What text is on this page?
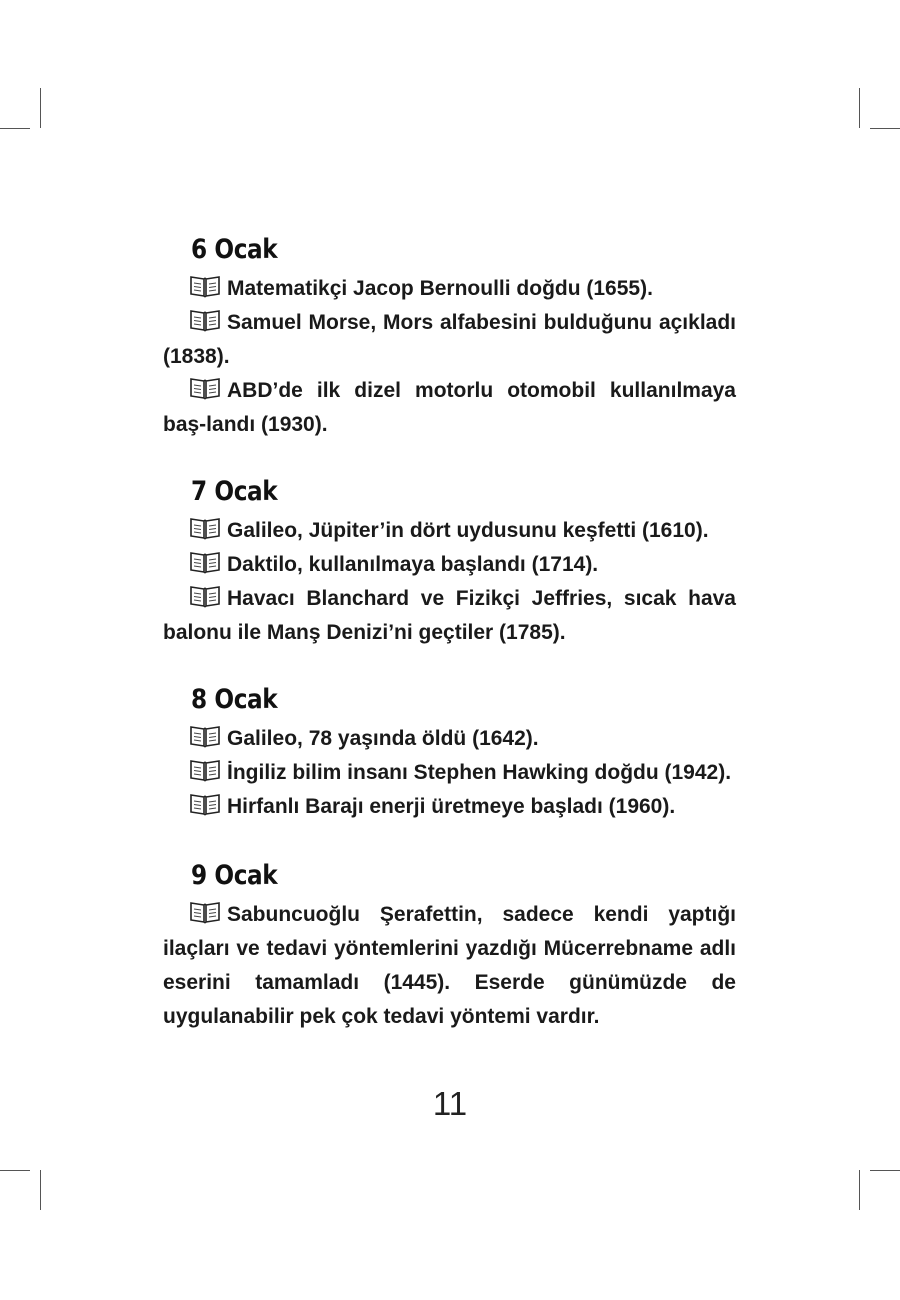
6 Ocak

Matematikçi Jacop Bernoulli doğdu (1655).

Samuel Morse, Mors alfabesini bulduğunu açıkladı (1838).

ABD’de ilk dizel motorlu otomobil kullanılmaya baş-landı (1930).

7 Ocak

Galileo, Jüpiter’in dört uydusunu keşfetti (1610).

Daktilo, kullanılmaya başlandı (1714).

Havacı Blanchard ve Fizikçi Jeffries, sıcak hava balonu ile Manş Denizi’ni geçtiler (1785).

8 Ocak

Galileo, 78 yaşında öldü (1642).

İngiliz bilim insanı Stephen Hawking doğdu (1942).

Hirfanlı Barajı enerji üretmeye başladı (1960).

9 Ocak

Sabuncuoğlu Şerafettin, sadece kendi yaptığı ilaçları ve tedavi yöntemlerini yazdığı Mücerrebname adlı eserini tamamladı (1445). Eserde günümüzde de uygulanabilir pek çok tedavi yöntemi vardır.

11
